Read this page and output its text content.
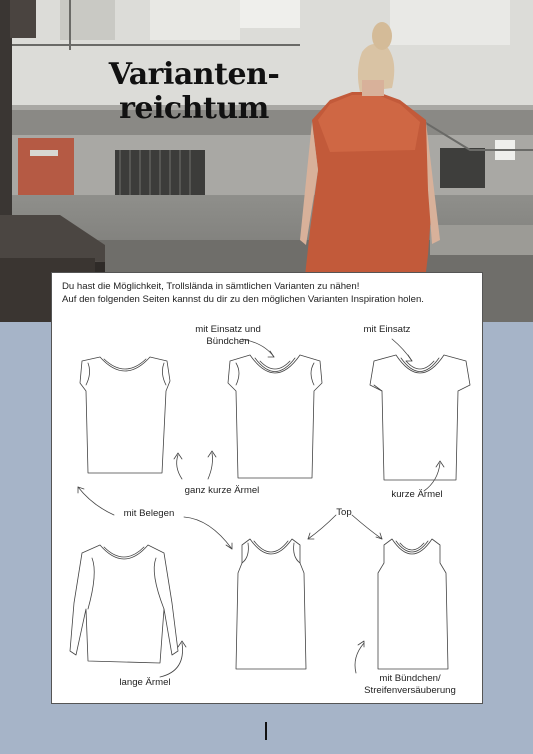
Varianten-
reichtum
Du hast die Möglichkeit, Trollslända in sämtlichen Varianten zu nähen!
Auf den folgenden Seiten kannst du dir zu den möglichen Varianten Inspiration holen.
mit Einsatz und
Bündchen
mit Einsatz
ganz kurze Ärmel	kurze Ärmel
mit Belegen	Top
lange Ärmel	mit Bündchen/
Streifenversäuberung
